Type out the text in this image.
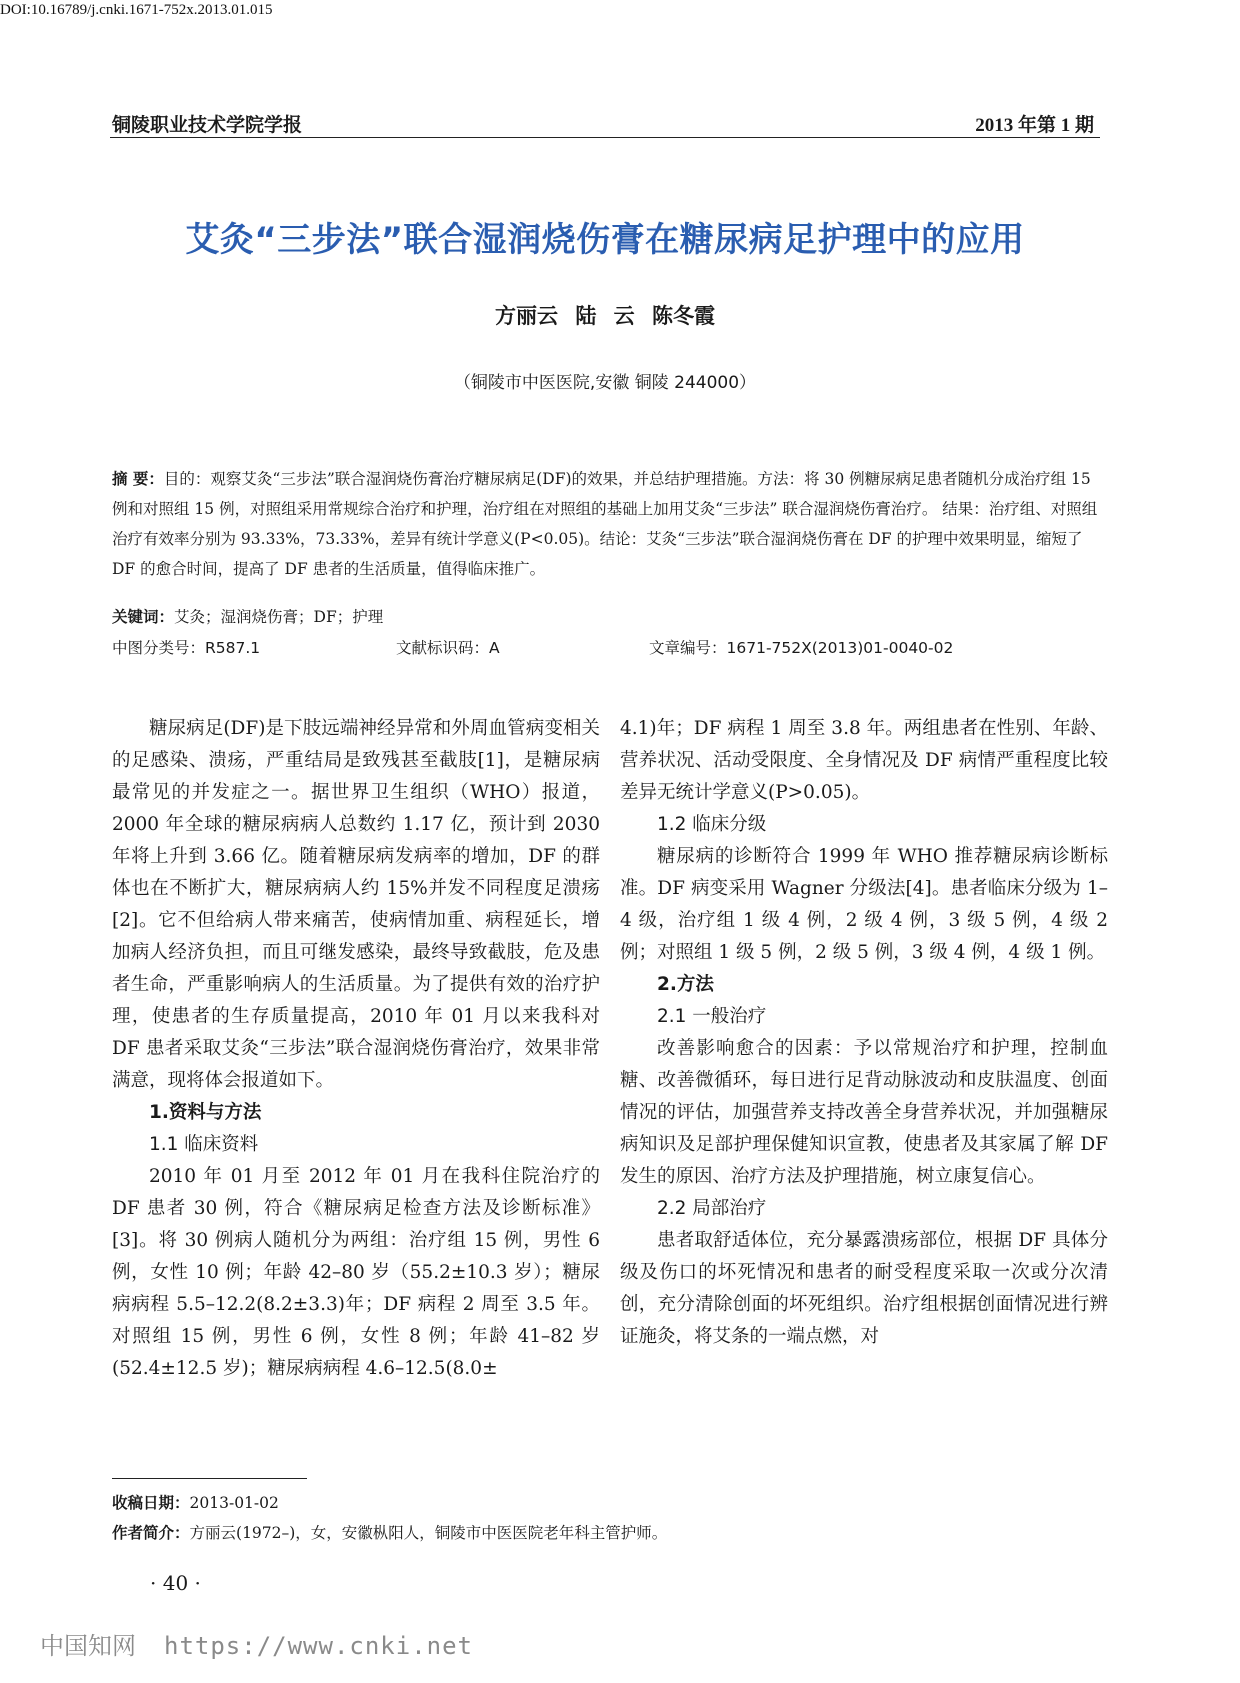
DOI:10.16789/j.cnki.1671-752x.2013.01.015
铜陵职业技术学院学报	2013 年第 1 期
艾灸“三步法”联合湿润烧伤膏在糖尿病足护理中的应用
方丽云 陆 云 陈冬霞
（铜陵市中医医院,安徽 铜陵 244000）
摘 要：目的：观察艾灸“三步法”联合湿润烧伤膏治疗糖尿病足(DF)的效果，并总结护理措施。方法：将 30 例糖尿病足患者随机分成治疗组 15 例和对照组 15 例，对照组采用常规综合治疗和护理，治疗组在对照组的基础上加用艾灸“三步法” 联合湿润烧伤膏治疗。 结果：治疗组、对照组治疗有效率分别为 93.33%，73.33%，差异有统计学意义(P<0.05)。结论：艾灸“三步法”联合湿润烧伤膏在 DF 的护理中效果明显，缩短了 DF 的愈合时间，提高了 DF 患者的生活质量，值得临床推广。
关键词：艾灸；湿润烧伤膏；DF；护理
中图分类号：R587.1	文献标识码：A	文章编号：1671-752X(2013)01-0040-02

糖尿病足(DF)是下肢远端神经异常和外周血管病变相关的足感染、溃疡，严重结局是致残甚至截肢[1]，是糖尿病最常见的并发症之一。据世界卫生组织（WHO）报道，2000 年全球的糖尿病病人总数约 1.17 亿，预计到 2030 年将上升到 3.66 亿。随着糖尿病发病率的增加，DF 的群体也在不断扩大，糖尿病病人约 15%并发不同程度足溃疡[2]。它不但给病人带来痛苦，使病情加重、病程延长，增加病人经济负担，而且可继发感染，最终导致截肢，危及患者生命，严重影响病人的生活质量。为了提供有效的治疗护理，使患者的生存质量提高，2010 年 01 月以来我科对 DF 患者采取艾灸“三步法”联合湿润烧伤膏治疗，效果非常满意，现将体会报道如下。

1.资料与方法
1.1 临床资料

2010 年 01 月至 2012 年 01 月在我科住院治疗的 DF 患者 30 例，符合《糖尿病足检查方法及诊断标准》[3]。将 30 例病人随机分为两组：治疗组 15 例，男性 6 例，女性 10 例；年龄 42–80 岁（55.2±10.3 岁）；糖尿病病程 5.5–12.2(8.2±3.3)年；DF 病程 2 周至 3.5 年。对照组 15 例，男性 6 例，女性 8 例；年龄 41–82 岁(52.4±12.5 岁)；糖尿病病程 4.6–12.5(8.0±

4.1)年；DF 病程 1 周至 3.8 年。两组患者在性别、年龄、营养状况、活动受限度、全身情况及 DF 病情严重程度比较差异无统计学意义(P>0.05)。

1.2 临床分级

糖尿病的诊断符合 1999 年 WHO 推荐糖尿病诊断标准。DF 病变采用 Wagner 分级法[4]。患者临床分级为 1–4 级，治疗组 1 级 4 例，2 级 4 例，3 级 5 例，4 级 2 例；对照组 1 级 5 例，2 级 5 例，3 级 4 例，4 级 1 例。

2.方法
2.1 一般治疗

改善影响愈合的因素：予以常规治疗和护理，控制血糖、改善微循环，每日进行足背动脉波动和皮肤温度、创面情况的评估，加强营养支持改善全身营养状况，并加强糖尿病知识及足部护理保健知识宣教，使患者及其家属了解 DF 发生的原因、治疗方法及护理措施，树立康复信心。

2.2 局部治疗

患者取舒适体位，充分暴露溃疡部位，根据 DF 具体分级及伤口的坏死情况和患者的耐受程度采取一次或分次清创，充分清除创面的坏死组织。治疗组根据创面情况进行辨证施灸，将艾条的一端点燃，对

收稿日期：2013-01-02
作者简介：方丽云(1972–)，女，安徽枞阳人，铜陵市中医医院老年科主管护师。
· 40 ·
中国知网 https://www.cnki.net
